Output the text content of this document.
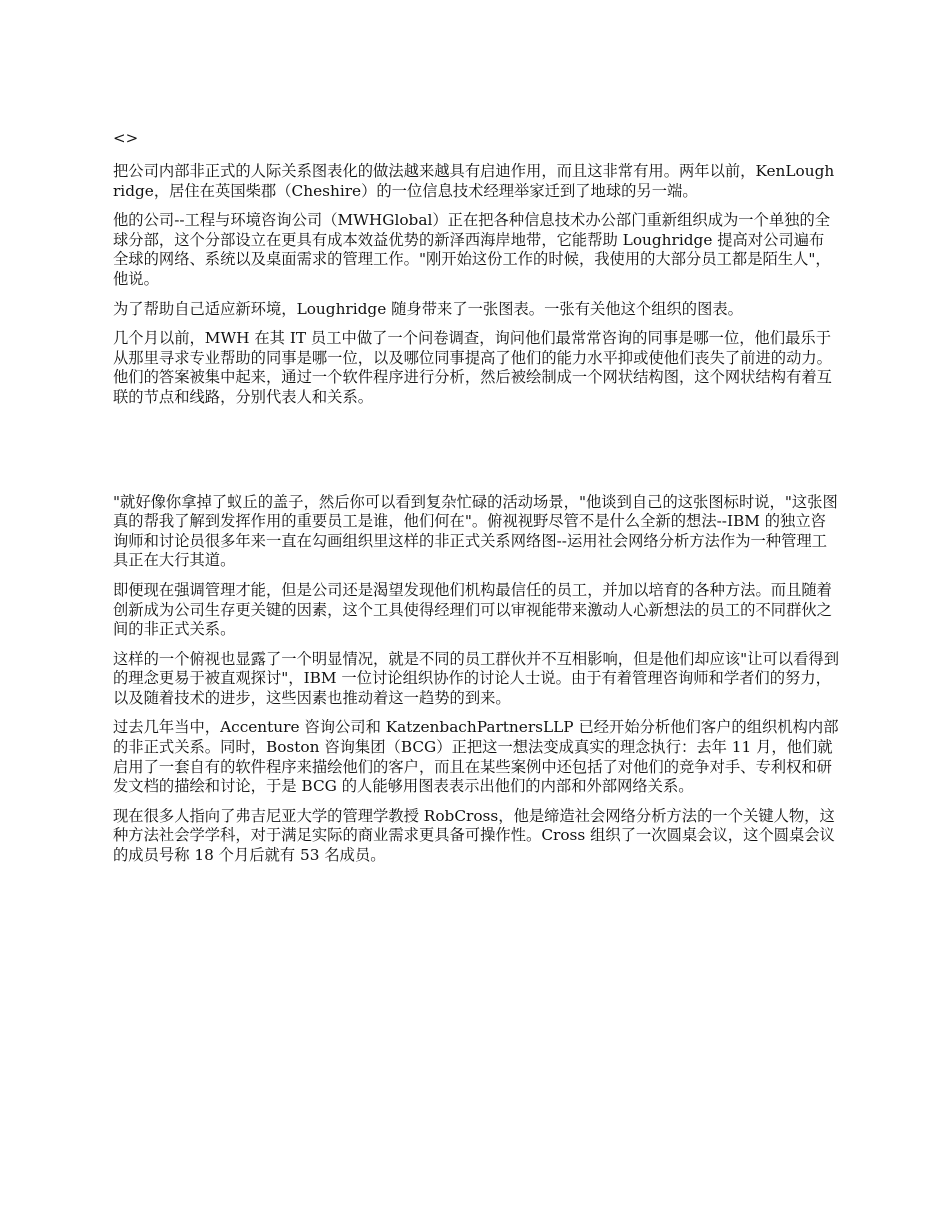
<>

把公司内部非正式的人际关系图表化的做法越来越具有启迪作用，而且这非常有用。两年以前，KenLoughridge，居住在英国柴郡（Cheshire）的一位信息技术经理举家迁到了地球的另一端。

他的公司--工程与环境咨询公司（MWHGlobal）正在把各种信息技术办公部门重新组织成为一个单独的全球分部，这个分部设立在更具有成本效益优势的新泽西海岸地带，它能帮助 Loughridge 提高对公司遍布全球的网络、系统以及桌面需求的管理工作。"刚开始这份工作的时候，我使用的大部分员工都是陌生人"，他说。

为了帮助自己适应新环境，Loughridge 随身带来了一张图表。一张有关他这个组织的图表。

几个月以前，MWH 在其 IT 员工中做了一个问卷调查，询问他们最常常咨询的同事是哪一位，他们最乐于从那里寻求专业帮助的同事是哪一位，以及哪位同事提高了他们的能力水平抑或使他们丧失了前进的动力。他们的答案被集中起来，通过一个软件程序进行分析，然后被绘制成一个网状结构图，这个网状结构有着互联的节点和线路，分别代表人和关系。

"就好像你拿掉了蚁丘的盖子，然后你可以看到复杂忙碌的活动场景，"他谈到自己的这张图标时说，"这张图真的帮我了解到发挥作用的重要员工是谁，他们何在"。俯视视野尽管不是什么全新的想法--IBM 的独立咨询师和讨论员很多年来一直在勾画组织里这样的非正式关系网络图--运用社会网络分析方法作为一种管理工具正在大行其道。

即便现在强调管理才能，但是公司还是渴望发现他们机构最信任的员工，并加以培育的各种方法。而且随着创新成为公司生存更关键的因素，这个工具使得经理们可以审视能带来激动人心新想法的员工的不同群伙之间的非正式关系。

这样的一个俯视也显露了一个明显情况，就是不同的员工群伙并不互相影响，但是他们却应该"让可以看得到的理念更易于被直观探讨"，IBM 一位讨论组织协作的讨论人士说。由于有着管理咨询师和学者们的努力，以及随着技术的进步，这些因素也推动着这一趋势的到来。

过去几年当中，Accenture 咨询公司和 KatzenbachPartnersLLP 已经开始分析他们客户的组织机构内部的非正式关系。同时，Boston 咨询集团（BCG）正把这一想法变成真实的理念执行：去年 11 月，他们就启用了一套自有的软件程序来描绘他们的客户，而且在某些案例中还包括了对他们的竞争对手、专利权和研发文档的描绘和讨论，于是 BCG 的人能够用图表表示出他们的内部和外部网络关系。

现在很多人指向了弗吉尼亚大学的管理学教授 RobCross，他是缔造社会网络分析方法的一个关键人物，这种方法社会学学科，对于满足实际的商业需求更具备可操作性。Cross 组织了一次圆桌会议，这个圆桌会议的成员号称 18 个月后就有 53 名成员。
